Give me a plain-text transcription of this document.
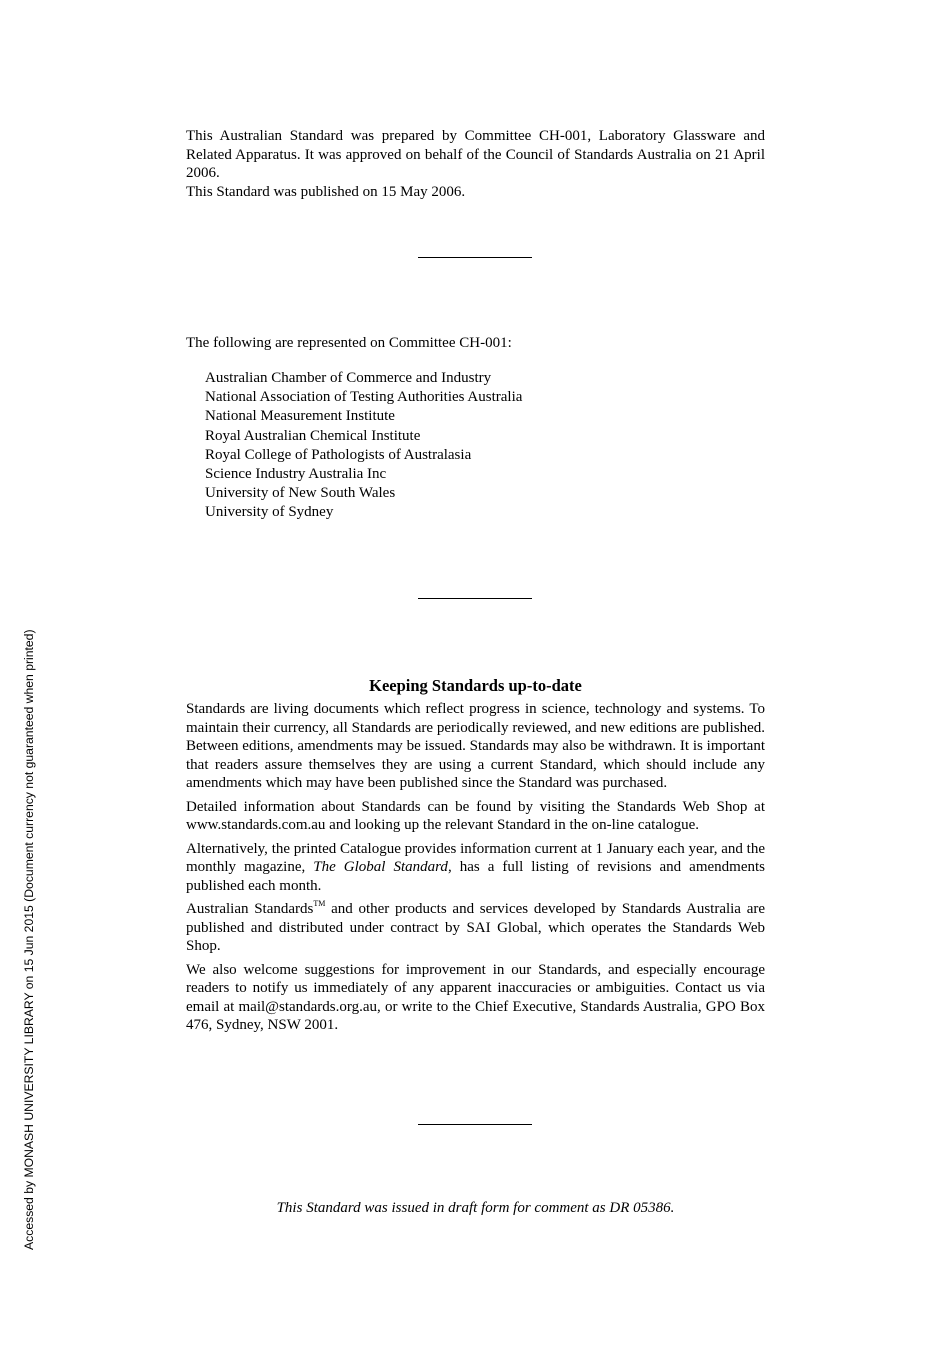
This Australian Standard was prepared by Committee CH-001, Laboratory Glassware and Related Apparatus. It was approved on behalf of the Council of Standards Australia on 21 April 2006.
This Standard was published on 15 May 2006.
The following are represented on Committee CH-001:
Australian Chamber of Commerce and Industry
National Association of Testing Authorities Australia
National Measurement Institute
Royal Australian Chemical Institute
Royal College of Pathologists of Australasia
Science Industry Australia Inc
University of New South Wales
University of Sydney
Keeping Standards up-to-date

Standards are living documents which reflect progress in science, technology and systems. To maintain their currency, all Standards are periodically reviewed, and new editions are published. Between editions, amendments may be issued. Standards may also be withdrawn. It is important that readers assure themselves they are using a current Standard, which should include any amendments which may have been published since the Standard was purchased.

Detailed information about Standards can be found by visiting the Standards Web Shop at www.standards.com.au and looking up the relevant Standard in the on-line catalogue.

Alternatively, the printed Catalogue provides information current at 1 January each year, and the monthly magazine, The Global Standard, has a full listing of revisions and amendments published each month.

Australian Standards™ and other products and services developed by Standards Australia are published and distributed under contract by SAI Global, which operates the Standards Web Shop.

We also welcome suggestions for improvement in our Standards, and especially encourage readers to notify us immediately of any apparent inaccuracies or ambiguities. Contact us via email at mail@standards.org.au, or write to the Chief Executive, Standards Australia, GPO Box 476, Sydney, NSW 2001.

This Standard was issued in draft form for comment as DR 05386.
Accessed by MONASH UNIVERSITY LIBRARY on 15 Jun 2015 (Document currency not guaranteed when printed)
